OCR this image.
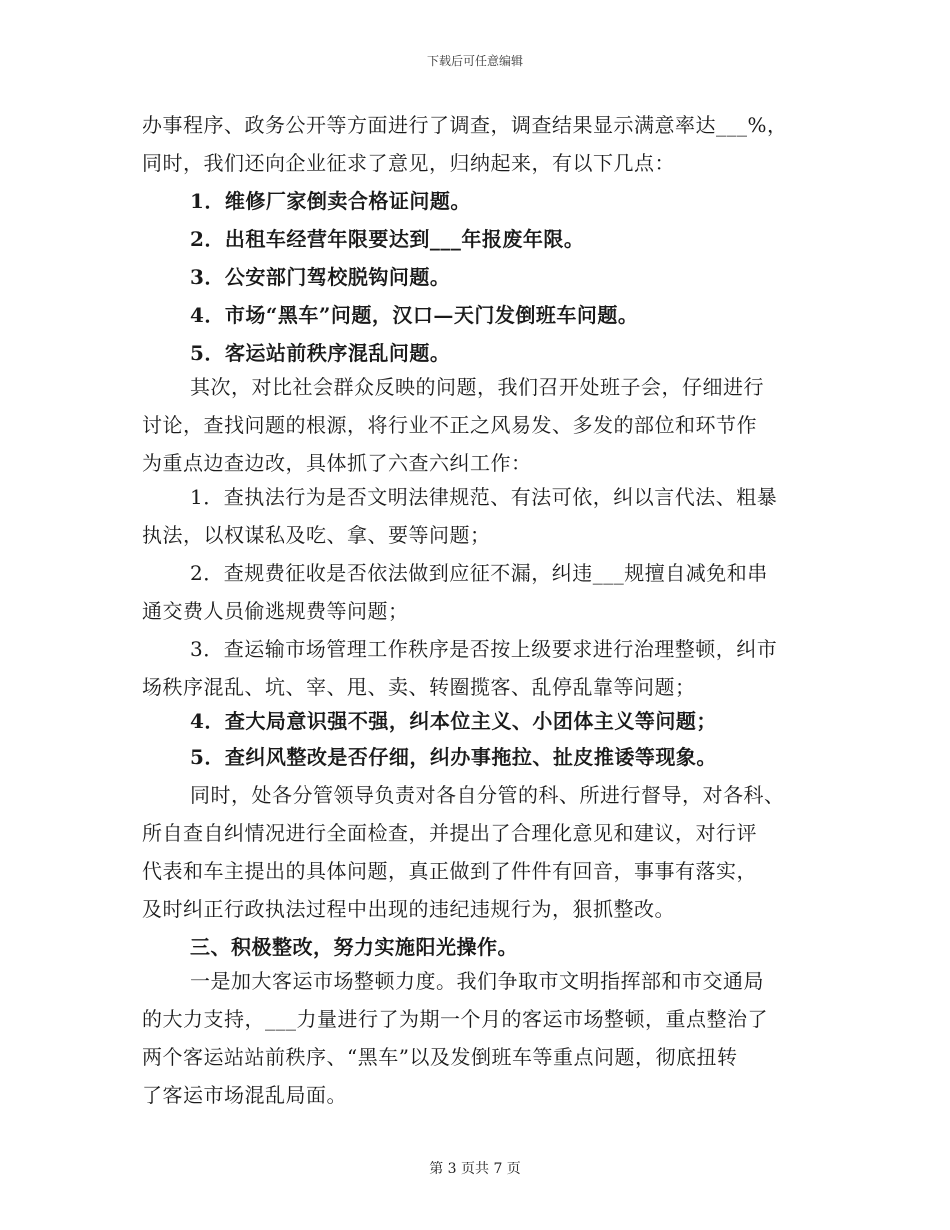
下载后可任意编辑
办事程序、政务公开等方面进行了调查，调查结果显示满意率达___%，
同时，我们还向企业征求了意见，归纳起来，有以下几点：
1．维修厂家倒卖合格证问题。
2．出租车经营年限要达到___年报废年限。
3．公安部门驾校脱钩问题。
4．市场“黑车”问题，汉口—天门发倒班车问题。
5．客运站前秩序混乱问题。
其次，对比社会群众反映的问题，我们召开处班子会，仔细进行
讨论，查找问题的根源，将行业不正之风易发、多发的部位和环节作
为重点边查边改，具体抓了六查六纠工作：
1．查执法行为是否文明法律规范、有法可依，纠以言代法、粗暴
执法，以权谋私及吃、拿、要等问题；
2．查规费征收是否依法做到应征不漏，纠违___规擅自减免和串
通交费人员偷逃规费等问题；
3．查运输市场管理工作秩序是否按上级要求进行治理整顿，纠市
场秩序混乱、坑、宰、甩、卖、转圈揽客、乱停乱靠等问题；
4．查大局意识强不强，纠本位主义、小团体主义等问题；
5．查纠风整改是否仔细，纠办事拖拉、扯皮推诿等现象。
同时，处各分管领导负责对各自分管的科、所进行督导，对各科、
所自查自纠情况进行全面检查，并提出了合理化意见和建议，对行评
代表和车主提出的具体问题，真正做到了件件有回音，事事有落实，
及时纠正行政执法过程中出现的违纪违规行为，狠抓整改。
三、积极整改，努力实施阳光操作。
一是加大客运市场整顿力度。我们争取市文明指挥部和市交通局
的大力支持，___力量进行了为期一个月的客运市场整顿，重点整治了
两个客运站站前秩序、“黑车”以及发倒班车等重点问题，彻底扭转
了客运市场混乱局面。
第 3 页共 7 页
